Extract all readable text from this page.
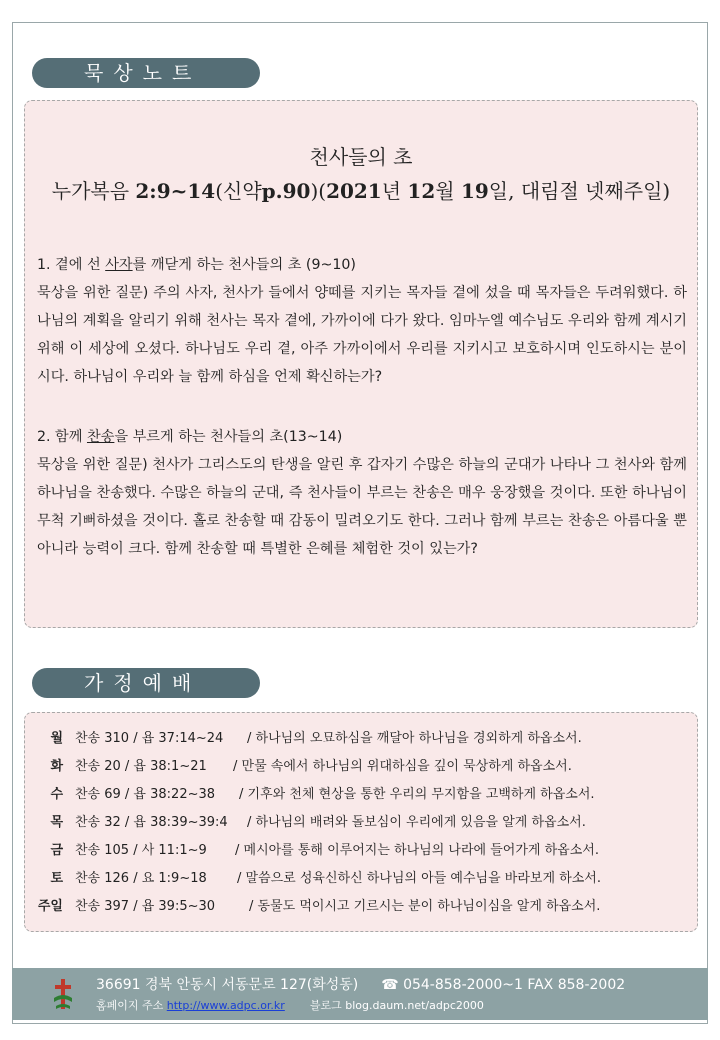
묵상노트
천사들의 초
누가복음 2:9~14(신약p.90)(2021년 12월 19일, 대림절 넷째주일)
1. 곁에 선 사자를 깨닫게 하는 천사들의 초 (9~10)
묵상을 위한 질문) 주의 사자, 천사가 들에서 양떼를 지키는 목자들 곁에 섰을 때 목자들은 두려워했다. 하나님의 계획을 알리기 위해 천사는 목자 곁에, 가까이에 다가 왔다. 임마누엘 예수님도 우리와 함께 계시기 위해 이 세상에 오셨다. 하나님도 우리 곁, 아주 가까이에서 우리를 지키시고 보호하시며 인도하시는 분이시다. 하나님이 우리와 늘 함께 하심을 언제 확신하는가?
2. 함께 찬송을 부르게 하는 천사들의 초(13~14)
묵상을 위한 질문) 천사가 그리스도의 탄생을 알린 후 갑자기 수많은 하늘의 군대가 나타나 그 천사와 함께 하나님을 찬송했다. 수많은 하늘의 군대, 즉 천사들이 부르는 찬송은 매우 웅장했을 것이다. 또한 하나님이 무척 기뻐하셨을 것이다. 홀로 찬송할 때 감동이 밀려오기도 한다. 그러나 함께 부르는 찬송은 아름다울 뿐 아니라 능력이 크다. 함께 찬송할 때 특별한 은혜를 체험한 것이 있는가?
가정예배
월 찬송 310 / 욥 37:14~24 / 하나님의 오묘하심을 깨달아 하나님을 경외하게 하옵소서.
화 찬송 20 / 욥 38:1~21 / 만물 속에서 하나님의 위대하심을 깊이 묵상하게 하옵소서.
수 찬송 69 / 욥 38:22~38 / 기후와 천체 현상을 통한 우리의 무지함을 고백하게 하옵소서.
목 찬송 32 / 욥 38:39~39:4 / 하나님의 배려와 돌보심이 우리에게 있음을 알게 하옵소서.
금 찬송 105 / 사 11:1~9 / 메시아를 통해 이루어지는 하나님의 나라에 들어가게 하옵소서.
토 찬송 126 / 요 1:9~18 / 말씀으로 성육신하신 하나님의 아들 예수님을 바라보게 하소서.
주일 찬송 397 / 욥 39:5~30	/ 동물도 먹이시고 기르시는 분이 하나님이심을 알게 하옵소서.
36691 경북 안동시 서동문로 127(화성동) ☎ 054-858-2000~1 FAX 858-2002
홈페이지 주소 http://www.adpc.or.kr 블로그 blog.daum.net/adpc2000
